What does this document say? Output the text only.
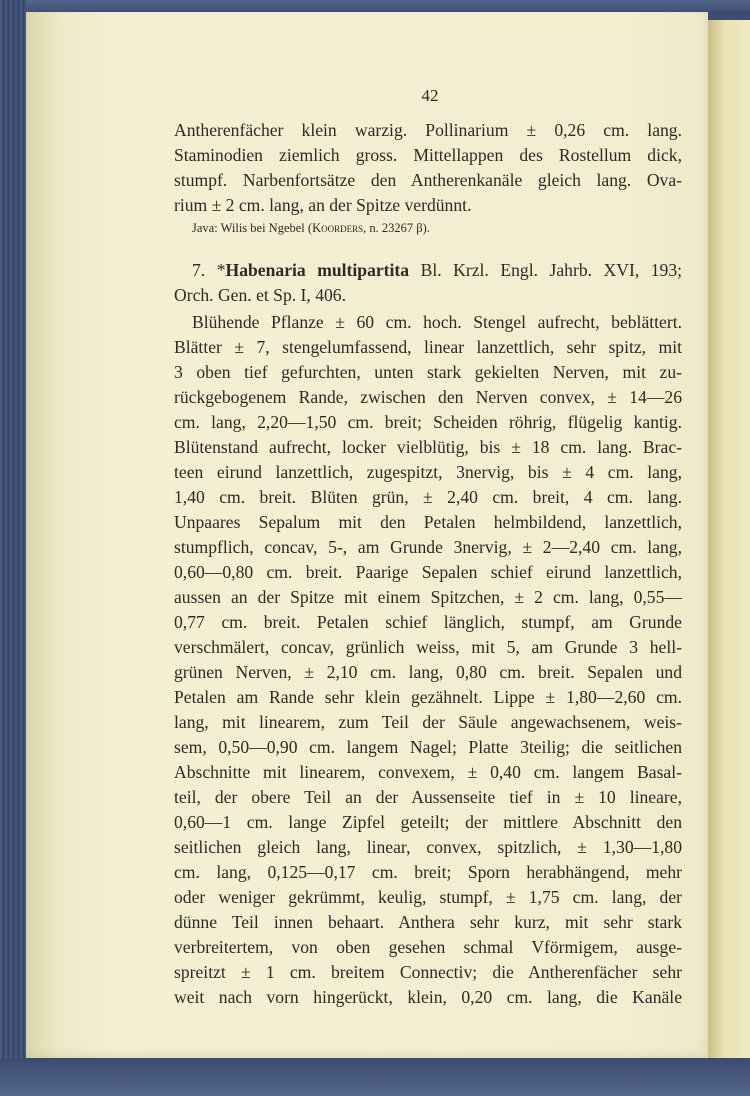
42

Antherenfächer klein warzig. Pollinarium ± 0,26 cm. lang.

Staminodien ziemlich gross. Mittellappen des Rostellum dick,

stumpf. Narbenfortsätze den Antherenkanäle gleich lang. Ova-

rium ± 2 cm. lang, an der Spitze verdünnt.

Java: Wilis bei Ngebel (Koorders, n. 23267 β).

7. *Habenaria multipartita Bl. Krzl. Engl. Jahrb. XVI, 193;

Orch. Gen. et Sp. I, 406.

Blühende Pflanze ± 60 cm. hoch. Stengel aufrecht, beblättert.

Blätter ± 7, stengelumfassend, linear lanzettlich, sehr spitz, mit

3 oben tief gefurchten, unten stark gekielten Nerven, mit zu-

rückgebogenem Rande, zwischen den Nerven convex, ± 14—26

cm. lang, 2,20—1,50 cm. breit; Scheiden röhrig, flügelig kantig.

Blütenstand aufrecht, locker vielblütig, bis ± 18 cm. lang. Brac-

teen eirund lanzettlich, zugespitzt, 3nervig, bis ± 4 cm. lang,

1,40 cm. breit. Blüten grün, ± 2,40 cm. breit, 4 cm. lang.

Unpaares Sepalum mit den Petalen helmbildend, lanzettlich,

stumpflich, concav, 5-, am Grunde 3nervig, ± 2—2,40 cm. lang,

0,60—0,80 cm. breit. Paarige Sepalen schief eirund lanzettlich,

aussen an der Spitze mit einem Spitzchen, ± 2 cm. lang, 0,55—

0,77 cm. breit. Petalen schief länglich, stumpf, am Grunde

verschmälert, concav, grünlich weiss, mit 5, am Grunde 3 hell-

grünen Nerven, ± 2,10 cm. lang, 0,80 cm. breit. Sepalen und

Petalen am Rande sehr klein gezähnelt. Lippe ± 1,80—2,60 cm.

lang, mit linearem, zum Teil der Säule angewachsenem, weis-

sem, 0,50—0,90 cm. langem Nagel; Platte 3teilig; die seitlichen

Abschnitte mit linearem, convexem, ± 0,40 cm. langem Basal-

teil, der obere Teil an der Aussenseite tief in ± 10 lineare,

0,60—1 cm. lange Zipfel geteilt; der mittlere Abschnitt den

seitlichen gleich lang, linear, convex, spitzlich, ± 1,30—1,80

cm. lang, 0,125—0,17 cm. breit; Sporn herabhängend, mehr

oder weniger gekrümmt, keulig, stumpf, ± 1,75 cm. lang, der

dünne Teil innen behaart. Anthera sehr kurz, mit sehr stark

verbreitertem, von oben gesehen schmal Vförmigem, ausge-

spreitzt ± 1 cm. breitem Connectiv; die Antherenfächer sehr

weit nach vorn hingerückt, klein, 0,20 cm. lang, die Kanäle
